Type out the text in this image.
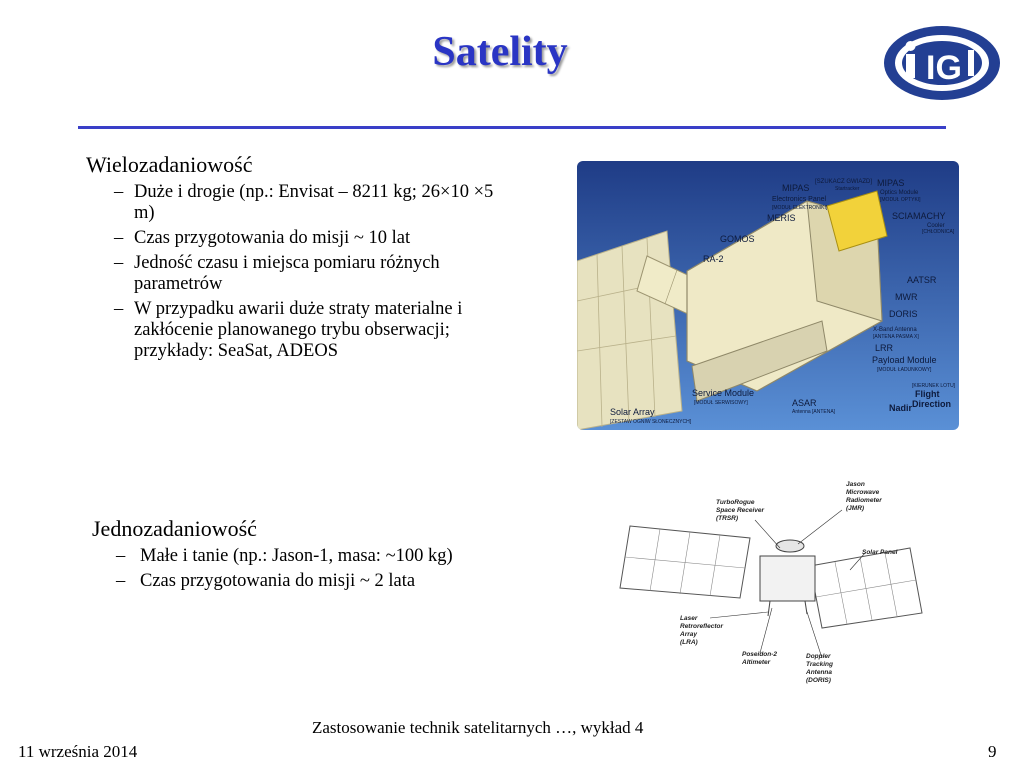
Satelity	IG
Wielozadaniowość
– Duże i drogie (np.: Envisat – 8211 kg; 26×10 ×5 m)
– Czas przygotowania do misji ~ 10 lat
– Jedność czasu i miejsca pomiaru różnych parametrów
– W przypadku awarii duże straty materialne i zakłócenie planowanego trybu obserwacji; przykłady: SeaSat, ADEOS
Jednozadaniowość
– Małe i tanie (np.: Jason-1, masa: ~100 kg)
– Czas przygotowania do misji ~ 2 lata
MIPAS
Electronics Panel
[MODUŁ ELEKTRONIKI]
[SZUKACZ GWIAZD]
Startracker
MIPAS
Optics Module
[MODUŁ OPTYKI]
MERIS	SCIAMACHY
Cooler
[CHŁODNICA]
GOMOS
RA-2
AATSR
MWR
DORIS
X-Band Antenna
[ANTENA PASMA X]
LRR
Payload Module
[MODUŁ ŁADUNKOWY]
Service Module
[MODUŁ SERWISOWY]	ASAR
Antenna [ANTENA]
[KIERUNEK LOTU]
Flight
Direction
Nadir
Solar Array
[ZESTAW OGNIW SŁONECZNYCH]
Jason
Microwave
Radiometer
(JMR)
TurboRogue
Space Receiver
(TRSR)
Solar Panel
Laser
Retroreflector
Array
(LRA)
Poseidon-2
Altimeter
Doppler
Tracking
Antenna
(DORIS)
Zastosowanie technik satelitarnych …, wykład 4
11 września 2014	9
